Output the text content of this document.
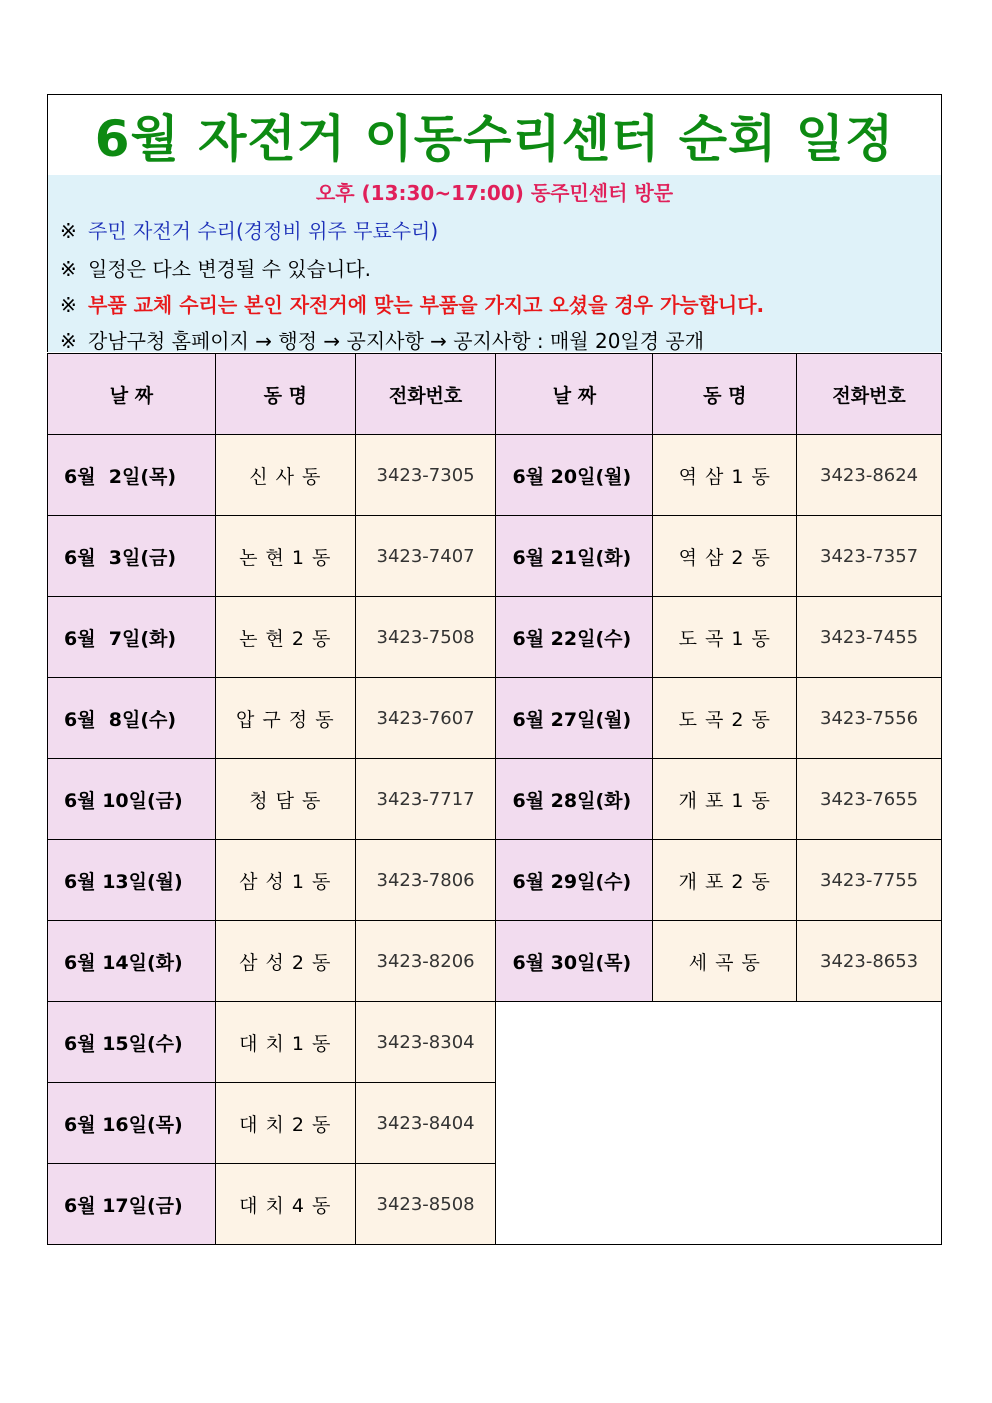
6월 자전거 이동수리센터 순회 일정
오후 (13:30~17:00) 동주민센터 방문
※ 주민 자전거 수리(경정비 위주 무료수리)
※ 일정은 다소 변경될 수 있습니다.
※ 부품 교체 수리는 본인 자전거에 맞는 부품을 가지고 오셨을 경우 가능합니다.
※ 강남구청 홈페이지 → 행정 → 공지사항 → 공지사항 : 매월 20일경 공개
날 짜	동 명	전화번호	날 짜	동 명	전화번호
6월  2일(목)	신 사 동	3423-7305	6월 20일(월)	역 삼 1 동	3423-8624
6월  3일(금)	논 현 1 동	3423-7407	6월 21일(화)	역 삼 2 동	3423-7357
6월  7일(화)	논 현 2 동	3423-7508	6월 22일(수)	도 곡 1 동	3423-7455
6월  8일(수)	압 구 정 동	3423-7607	6월 27일(월)	도 곡 2 동	3423-7556
6월 10일(금)	청 담 동	3423-7717	6월 28일(화)	개 포 1 동	3423-7655
6월 13일(월)	삼 성 1 동	3423-7806	6월 29일(수)	개 포 2 동	3423-7755
6월 14일(화)	삼 성 2 동	3423-8206	6월 30일(목)	세 곡 동	3423-8653
6월 15일(수)	대 치 1 동	3423-8304			
6월 16일(목)	대 치 2 동	3423-8404			
6월 17일(금)	대 치 4 동	3423-8508			
